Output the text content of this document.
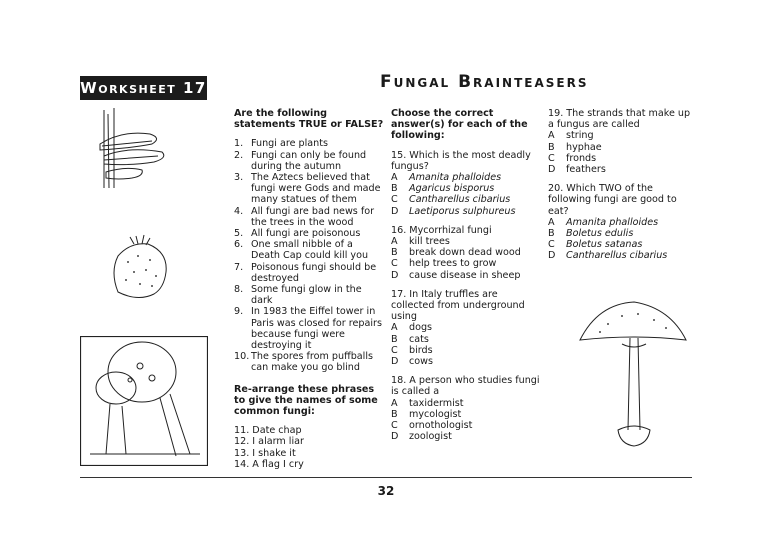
Worksheet 17	Fungal Brainteasers
Are the following statements TRUE or FALSE?
1. Fungi are plants
2. Fungi can only be found during the autumn
3. The Aztecs believed that fungi were Gods and made many statues of them
4. All fungi are bad news for the trees in the wood
5. All fungi are poisonous
6. One small nibble of a Death Cap could kill you
7. Poisonous fungi should be destroyed
8. Some fungi glow in the dark
9. In 1983 the Eiffel tower in Paris was closed for repairs because fungi were destroying it
10. The spores from puffballs can make you go blind
Re-arrange these phrases to give the names of some common fungi:
11. Date chap
12. I alarm liar
13. I shake it
14. A flag I cry
Choose the correct answer(s) for each of the following:
15. Which is the most deadly fungus?
A	Amanita phalloides
B	Agaricus bisporus
C	Cantharellus cibarius
D	Laetiporus sulphureus
16. Mycorrhizal fungi
A	kill trees
B	break down dead wood
C	help trees to grow
D	cause disease in sheep
17. In Italy truffles are collected from underground using
A	dogs
B	cats
C	birds
D	cows
18. A person who studies fungi is called a
A	taxidermist
B	mycologist
C	ornothologist
D	zoologist
19. The strands that make up a fungus are called
A	string
B	hyphae
C	fronds
D	feathers
20. Which TWO of the following fungi are good to eat?
A	Amanita phalloides
B	Boletus edulis
C	Boletus satanas
D	Cantharellus cibarius
32
